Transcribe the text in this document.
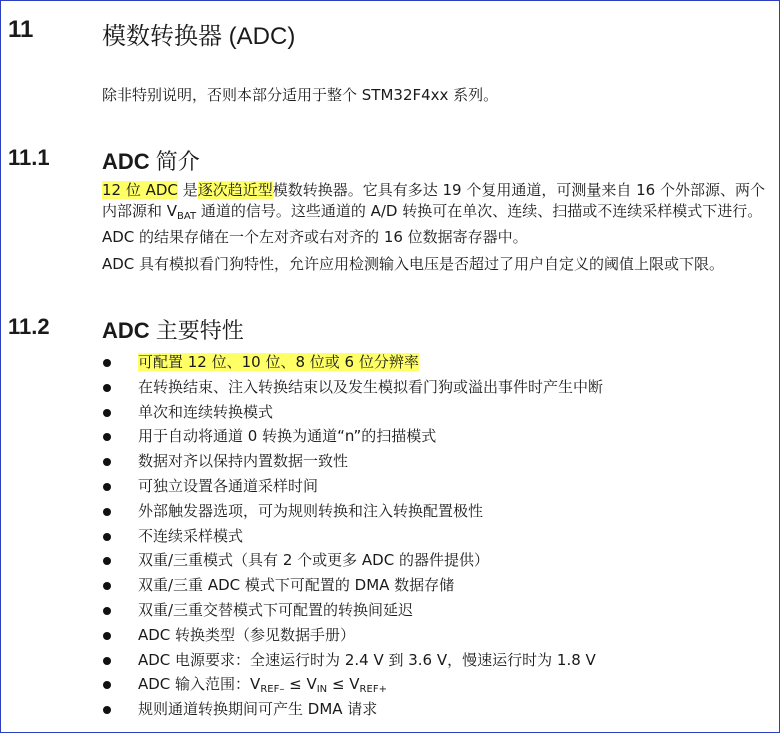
11	模数转换器 (ADC)
除非特别说明，否则本部分适用于整个 STM32F4xx 系列。
11.1 ADC 简介
12 位 ADC 是逐次趋近型模数转换器。它具有多达 19 个复用通道，可测量来自 16 个外部源、两个内部源和 $V_{BAT}$ 通道的信号。这些通道的 A/D 转换可在单次、连续、扫描或不连续采样模式下进行。ADC 的结果存储在一个左对齐或右对齐的 16 位数据寄存器中。
ADC 具有模拟看门狗特性，允许应用检测输入电压是否超过了用户自定义的阈值上限或下限。
11.2 ADC 主要特性
可配置 12 位、10 位、8 位或 6 位分辨率
在转换结束、注入转换结束以及发生模拟看门狗或溢出事件时产生中断
单次和连续转换模式
用于自动将通道 0 转换为通道“n”的扫描模式
数据对齐以保持内置数据一致性
可独立设置各通道采样时间
外部触发器选项，可为规则转换和注入转换配置极性
不连续采样模式
双重/三重模式（具有 2 个或更多 ADC 的器件提供）
双重/三重 ADC 模式下可配置的 DMA 数据存储
双重/三重交替模式下可配置的转换间延迟
ADC 转换类型（参见数据手册）
ADC 电源要求：全速运行时为 2.4 V 到 3.6 V，慢速运行时为 1.8 V
ADC 输入范围：$V_{REF-} \le V_{IN} \le V_{REF+}$
规则通道转换期间可产生 DMA 请求
